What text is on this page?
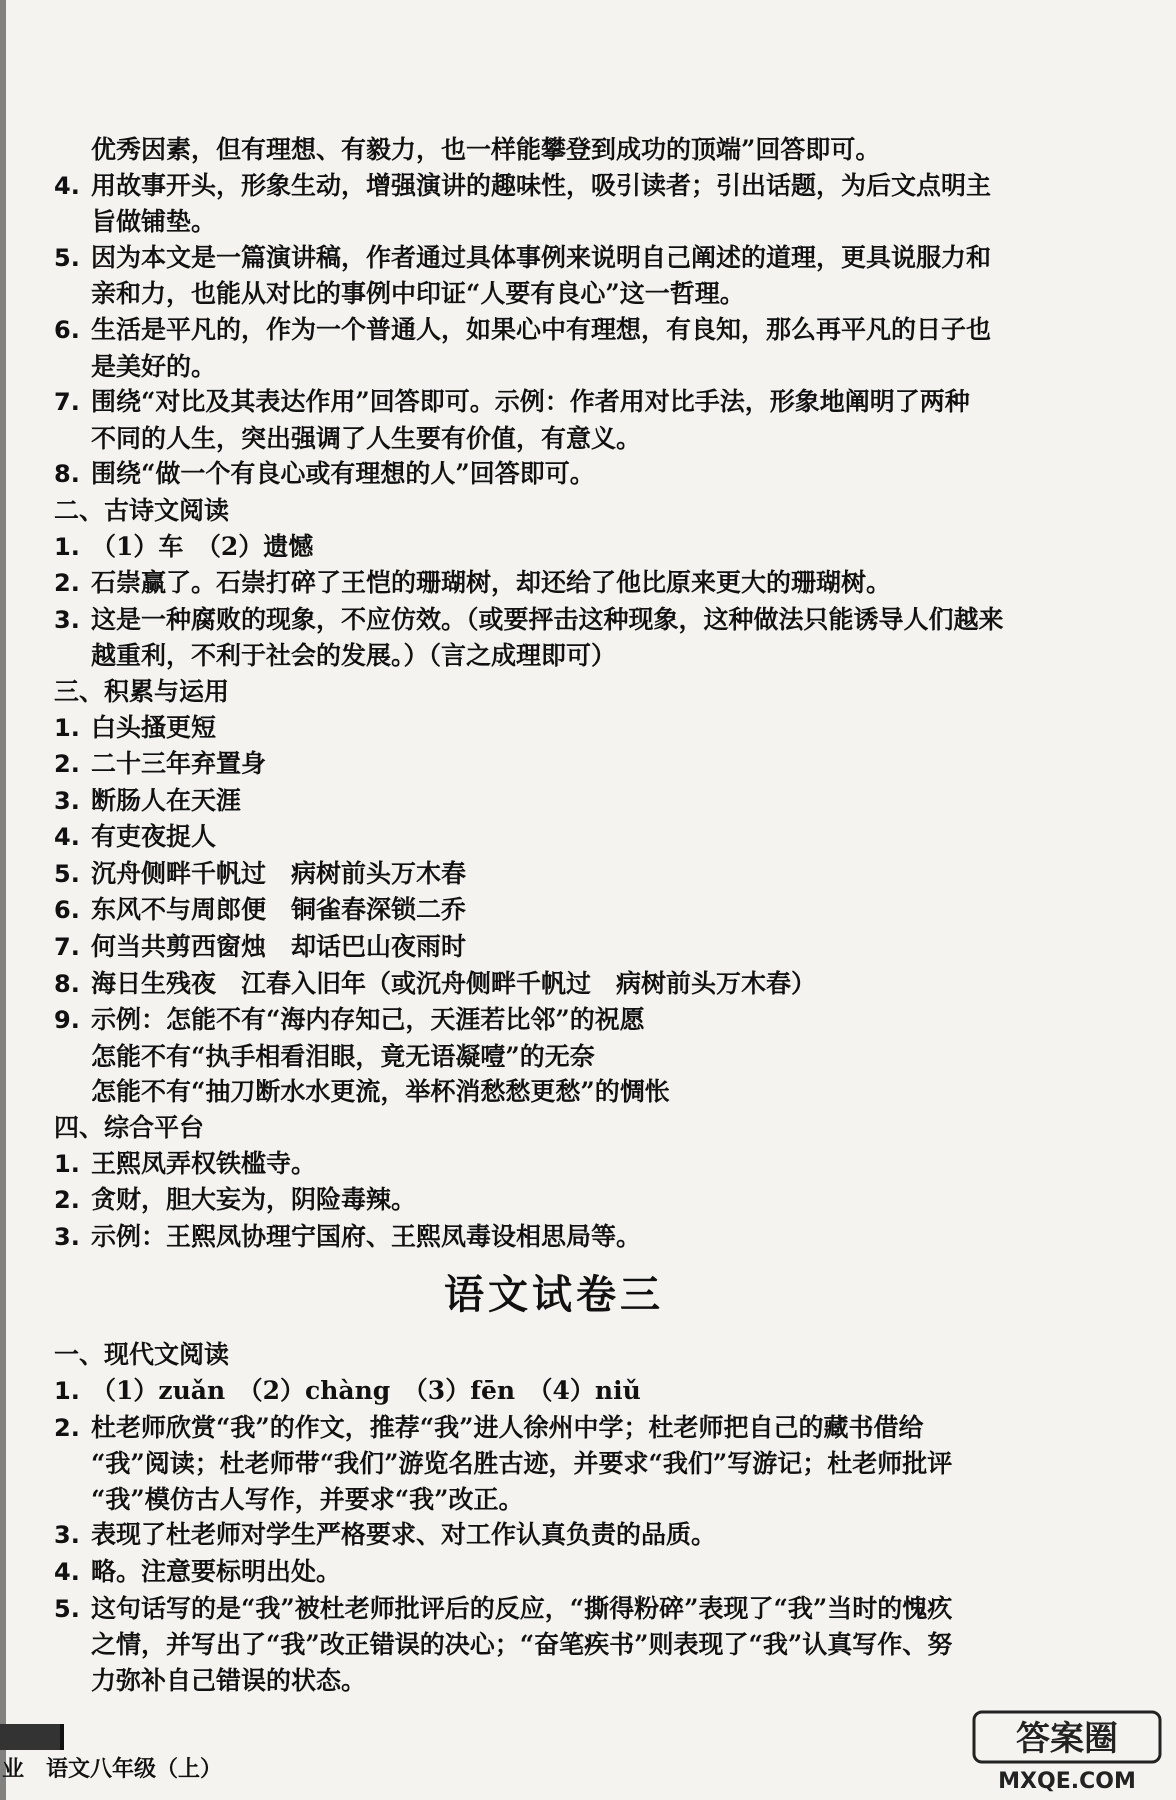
优秀因素，但有理想、有毅力，也一样能攀登到成功的顶端”回答即可。
4. 用故事开头，形象生动，增强演讲的趣味性，吸引读者；引出话题，为后文点明主
旨做铺垫。
5. 因为本文是一篇演讲稿，作者通过具体事例来说明自己阐述的道理，更具说服力和
亲和力，也能从对比的事例中印证“人要有良心”这一哲理。
6. 生活是平凡的，作为一个普通人，如果心中有理想，有良知，那么再平凡的日子也
是美好的。
7. 围绕“对比及其表达作用”回答即可。示例：作者用对比手法，形象地阐明了两种
不同的人生，突出强调了人生要有价值，有意义。
8. 围绕“做一个有良心或有理想的人”回答即可。
二、古诗文阅读
1. （1）车　（2）遗憾
2. 石崇赢了。石崇打碎了王恺的珊瑚树，却还给了他比原来更大的珊瑚树。
3. 这是一种腐败的现象，不应仿效。（或要抨击这种现象，这种做法只能诱导人们越来
越重利，不利于社会的发展。）（言之成理即可）
三、积累与运用
1. 白头搔更短
2. 二十三年弃置身
3. 断肠人在天涯
4. 有吏夜捉人
5. 沉舟侧畔千帆过　病树前头万木春
6. 东风不与周郎便　铜雀春深锁二乔
7. 何当共剪西窗烛　却话巴山夜雨时
8. 海日生残夜　江春入旧年（或沉舟侧畔千帆过　病树前头万木春）
9. 示例：怎能不有“海内存知己，天涯若比邻”的祝愿
怎能不有“执手相看泪眼，竟无语凝噎”的无奈
怎能不有“抽刀断水水更流，举杯消愁愁更愁”的惆怅
四、综合平台
1. 王熙凤弄权铁槛寺。
2. 贪财，胆大妄为，阴险毒辣。
3. 示例：王熙凤协理宁国府、王熙凤毒设相思局等。
语文试卷三
一、现代文阅读
1. （1）zuǎn　（2）chàng　（3）fēn　（4）niǔ
2. 杜老师欣赏“我”的作文，推荐“我”进人徐州中学；杜老师把自己的藏书借给
“我”阅读；杜老师带“我们”游览名胜古迹，并要求“我们”写游记；杜老师批评
“我”模仿古人写作，并要求“我”改正。
3. 表现了杜老师对学生严格要求、对工作认真负责的品质。
4. 略。注意要标明出处。
5. 这句话写的是“我”被杜老师批评后的反应，“撕得粉碎”表现了“我”当时的愧疚
之情，并写出了“我”改正错误的决心；“奋笔疾书”则表现了“我”认真写作、努
力弥补自己错误的状态。
业　语文八年级（上）
答案圈
MXQE.COM
